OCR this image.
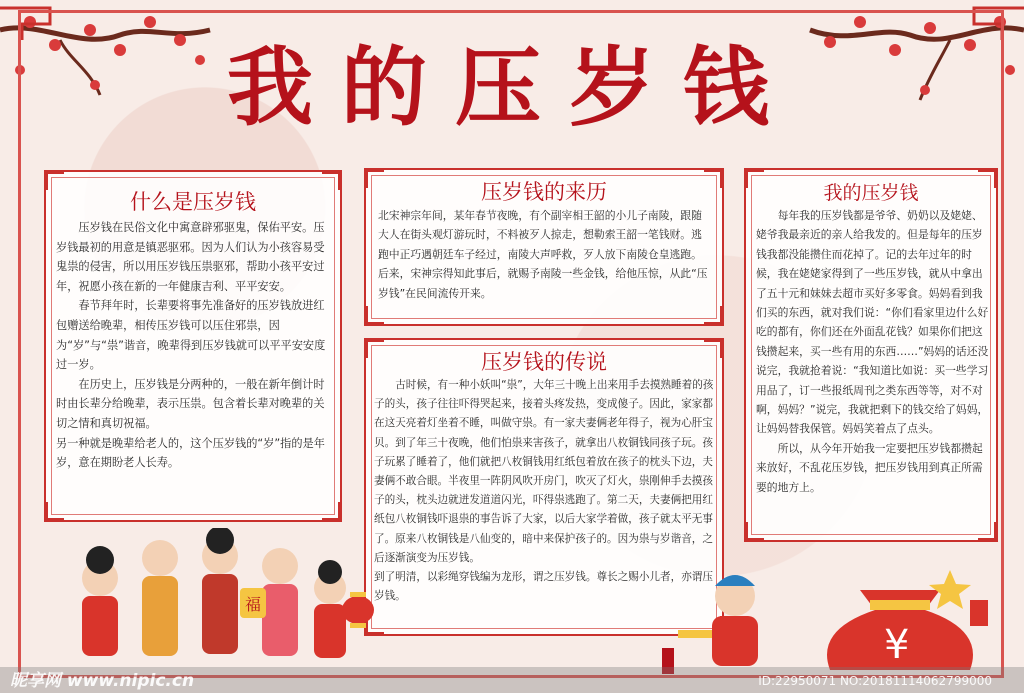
我的压岁钱
什么是压岁钱

压岁钱在民俗文化中寓意辟邪驱鬼，保佑平安。压岁钱最初的用意是镇恶驱邪。因为人们认为小孩容易受鬼祟的侵害，所以用压岁钱压祟驱邪，帮助小孩平安过年，祝愿小孩在新的一年健康吉利、平平安安。

春节拜年时，长辈要将事先准备好的压岁钱放进红包赠送给晚辈，相传压岁钱可以压住邪祟，因为“岁”与“祟”谐音，晚辈得到压岁钱就可以平平安安度过一岁。

在历史上，压岁钱是分两种的，一般在新年倒计时时由长辈分给晚辈，表示压祟。包含着长辈对晚辈的关切之情和真切祝福。

另一种就是晚辈给老人的，这个压岁钱的“岁”指的是年岁，意在期盼老人长寿。

压岁钱的来历

北宋神宗年间，某年春节夜晚，有个副宰相王韶的小儿子南陵，跟随大人在街头观灯游玩时，不料被歹人掠走，想勒索王韶一笔钱财。逃跑中正巧遇朝廷车子经过，南陵大声呼救，歹人放下南陵仓皇逃跑。后来，宋神宗得知此事后，就赐予南陵一些金钱，给他压惊，从此“压岁钱”在民间流传开来。

压岁钱的传说

古时候，有一种小妖叫“祟”，大年三十晚上出来用手去摸熟睡着的孩子的头，孩子往往吓得哭起来，接着头疼发热，变成傻子。因此，家家都在这天亮着灯坐着不睡，叫做守祟。有一家夫妻俩老年得子，视为心肝宝贝。到了年三十夜晚，他们怕祟来害孩子，就拿出八枚铜钱同孩子玩。孩子玩累了睡着了，他们就把八枚铜钱用红纸包着放在孩子的枕头下边，夫妻俩不敢合眼。半夜里一阵阴风吹开房门，吹灭了灯火，祟刚伸手去摸孩子的头，枕头边就迸发道道闪光，吓得祟逃跑了。第二天，夫妻俩把用红纸包八枚铜钱吓退祟的事告诉了大家，以后大家学着做，孩子就太平无事了。原来八枚铜钱是八仙变的，暗中来保护孩子的。因为祟与岁谐音，之后逐渐演变为压岁钱。

到了明清，以彩绳穿钱编为龙形，谓之压岁钱。尊长之赐小儿者，亦谓压岁钱。

我的压岁钱

每年我的压岁钱都是爷爷、奶奶以及姥姥、姥爷我最亲近的亲人给我发的。但是每年的压岁钱我都没能攒住而花掉了。记的去年过年的时候，我在姥姥家得到了一些压岁钱，就从中拿出了五十元和妹妹去超市买好多零食。妈妈看到我们买的东西，就对我们说：“你们看家里边什么好吃的都有，你们还在外面乱花钱？如果你们把这钱攒起来，买一些有用的东西……”妈妈的话还没说完，我就抢着说：“我知道比如说：买一些学习用品了，订一些报纸周刊之类东西等等，对不对啊，妈妈？”说完，我就把剩下的钱交给了妈妈，让妈妈替我保管。妈妈笑着点了点头。

所以，从今年开始我一定要把压岁钱都攒起来放好，不乱花压岁钱，把压岁钱用到真正所需要的地方上。

福
¥
昵享网 www.nipic.cn	ID:22950071 NO:20181114062799000
